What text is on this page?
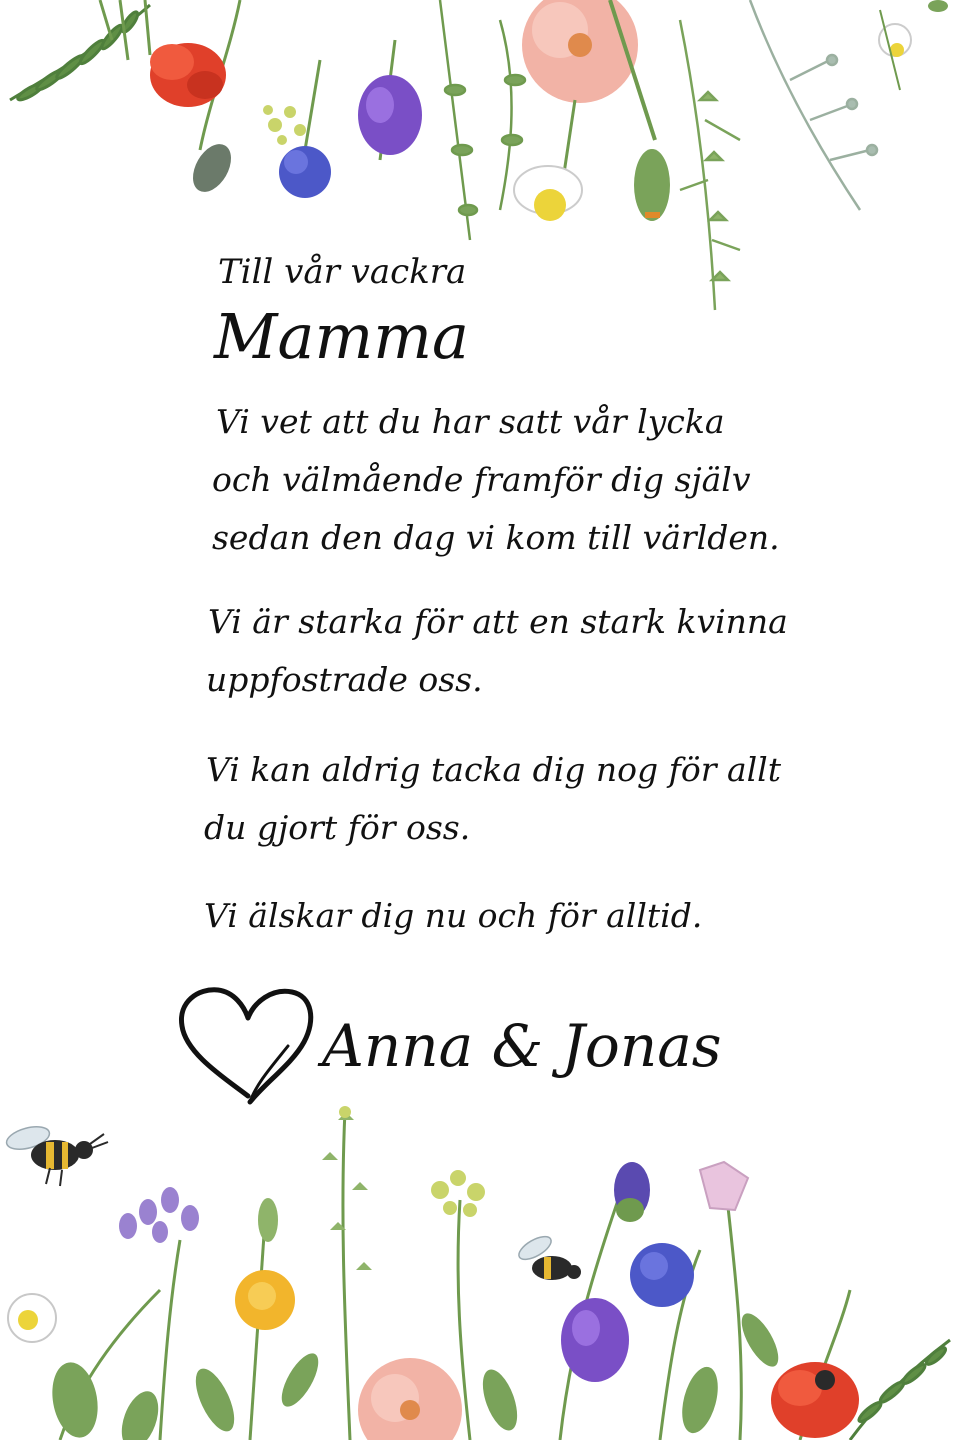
Till vår vackra
Mamma
Vi vet att du har satt vår lycka
och välmående framför dig själv
sedan den dag vi kom till världen.
Vi är starka för att en stark kvinna
uppfostrade oss.
Vi kan aldrig tacka dig nog för allt
du gjort för oss.
Vi älskar dig nu och för alltid.
Anna & Jonas
